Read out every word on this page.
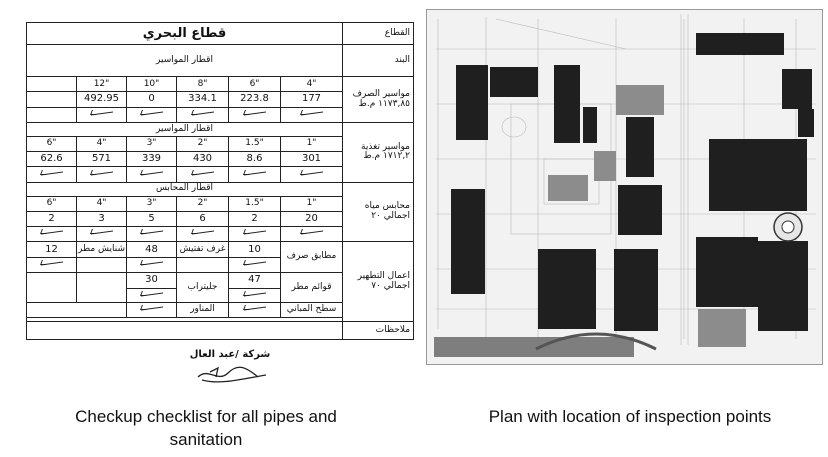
قطاع البحري						القطاع
اقطار المواسير						البند
	12"	10"	8"	6"	4"	مواسير الصرف ١١٧٣,٨٥ م.ط
	492.95	0	334.1	223.8	177	

اقطار المواسير						مواسير تغذية ١٧١٢,٢ م.ط
6"	4"	3"	2"	1.5"	1"	
62.6	571	339	430	8.6	301	

اقطار المحابس						محابس مياه اجمالي ٢٠
6"	4"	3"	2"	1.5"	1"	
2	3	5	6	2	20	

12	شنايش مطر	48	غرف تفتيش	10	مطابق صرف	اعمال التطهير اجمالي ٧٠

		30	جليتراب	47	قوائم مطر	

			المناور		سطح المباني	

						ملاحظات
شركة /عبد العال
Checkup checklist for all pipes and sanitation
Plan with location of inspection points
